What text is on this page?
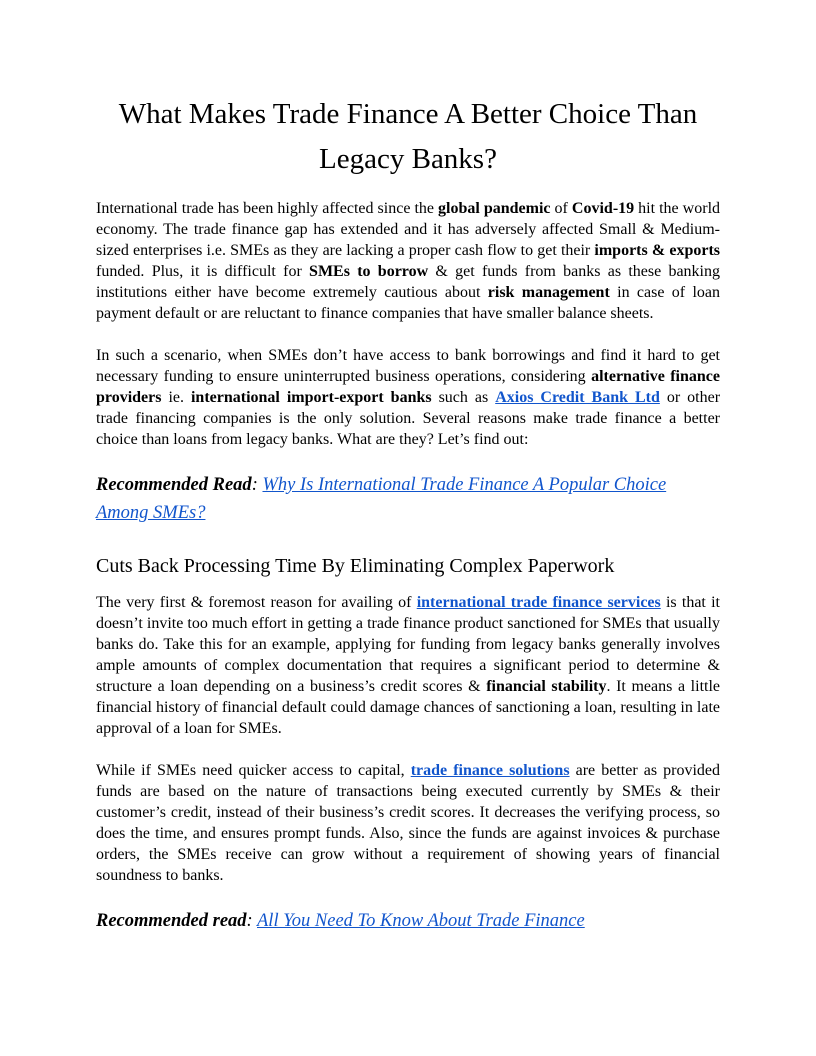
What Makes Trade Finance A Better Choice Than Legacy Banks?

International trade has been highly affected since the global pandemic of Covid-19 hit the world economy. The trade finance gap has extended and it has adversely affected Small & Medium-sized enterprises i.e. SMEs as they are lacking a proper cash flow to get their imports & exports funded. Plus, it is difficult for SMEs to borrow & get funds from banks as these banking institutions either have become extremely cautious about risk management in case of loan payment default or are reluctant to finance companies that have smaller balance sheets.

In such a scenario, when SMEs don’t have access to bank borrowings and find it hard to get necessary funding to ensure uninterrupted business operations, considering alternative finance providers ie. international import-export banks such as Axios Credit Bank Ltd or other trade financing companies is the only solution. Several reasons make trade finance a better choice than loans from legacy banks. What are they? Let’s find out:

Recommended Read: Why Is International Trade Finance A Popular Choice Among SMEs?

Cuts Back Processing Time By Eliminating Complex Paperwork

The very first & foremost reason for availing of international trade finance services is that it doesn’t invite too much effort in getting a trade finance product sanctioned for SMEs that usually banks do. Take this for an example, applying for funding from legacy banks generally involves ample amounts of complex documentation that requires a significant period to determine & structure a loan depending on a business’s credit scores & financial stability. It means a little financial history of financial default could damage chances of sanctioning a loan, resulting in late approval of a loan for SMEs.

While if SMEs need quicker access to capital, trade finance solutions are better as provided funds are based on the nature of transactions being executed currently by SMEs & their customer’s credit, instead of their business’s credit scores. It decreases the verifying process, so does the time, and ensures prompt funds. Also, since the funds are against invoices & purchase orders, the SMEs receive can grow without a requirement of showing years of financial soundness to banks.

Recommended read: All You Need To Know About Trade Finance
